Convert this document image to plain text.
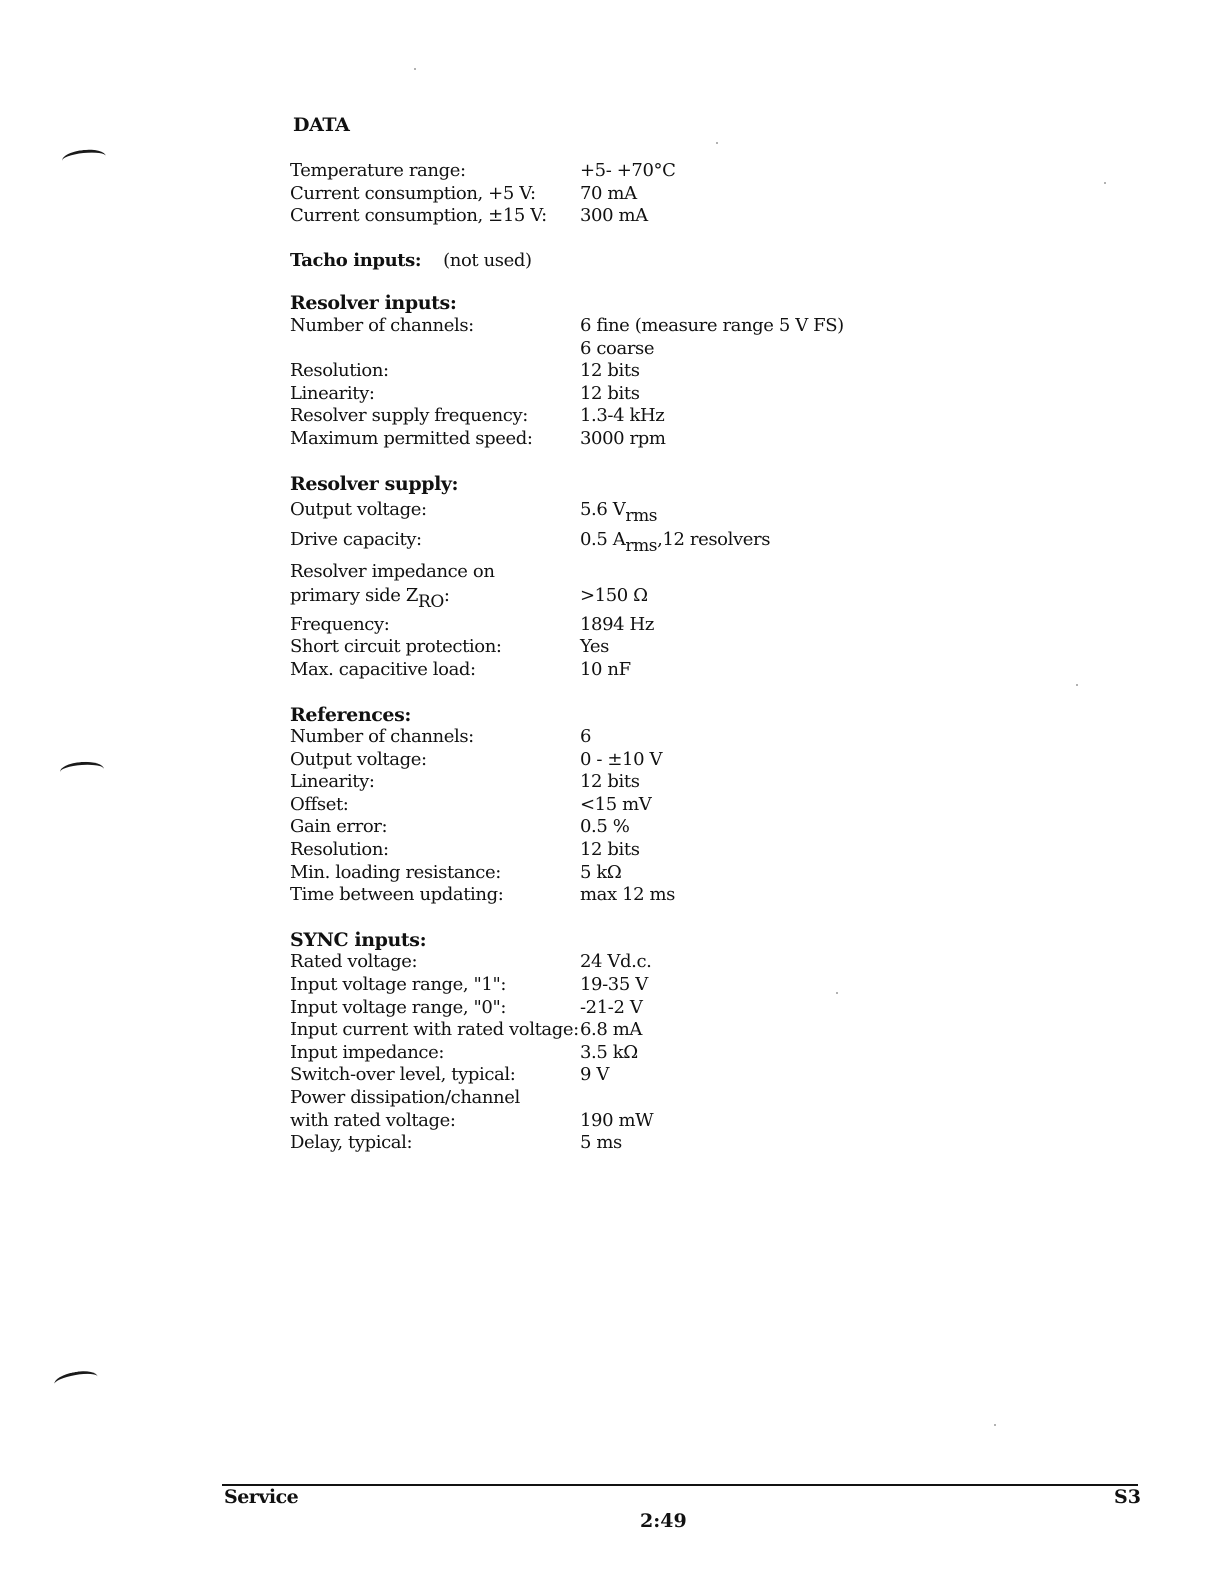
DATA
Temperature range:	+5- +70°C
Current consumption, +5 V:	70 mA
Current consumption, ±15 V:	300 mA
Tacho inputs: (not used)
Resolver inputs:
Number of channels:	6 fine (measure range 5 V FS)
6 coarse
Resolution:	12 bits
Linearity:	12 bits
Resolver supply frequency:	1.3-4 kHz
Maximum permitted speed:	3000 rpm
Resolver supply:
Output voltage:	5.6 $V_{rms}$
Drive capacity:	0.5 $A_{rms},12$ resolvers
Resolver impedance on
primary side $Z_{RO}$:	>150 Ω
Frequency:	1894 Hz
Short circuit protection:	Yes
Max. capacitive load:	10 nF
References:
Number of channels:	6
Output voltage:	0 - ±10 V
Linearity:	12 bits
Offset:	<15 mV
Gain error:	0.5 %
Resolution:	12 bits
Min. loading resistance:	5 kΩ
Time between updating:	max 12 ms
SYNC inputs:
Rated voltage:	24 Vd.c.
Input voltage range, "1":	19-35 V
Input voltage range, "0":	-21-2 V
Input current with rated voltage: 6.8 mA
Input impedance:	3.5 kΩ
Switch-over level, typical:	9 V
Power dissipation/channel
with rated voltage:	190 mW
Delay, typical:	5 ms
Service
2:49
S3
